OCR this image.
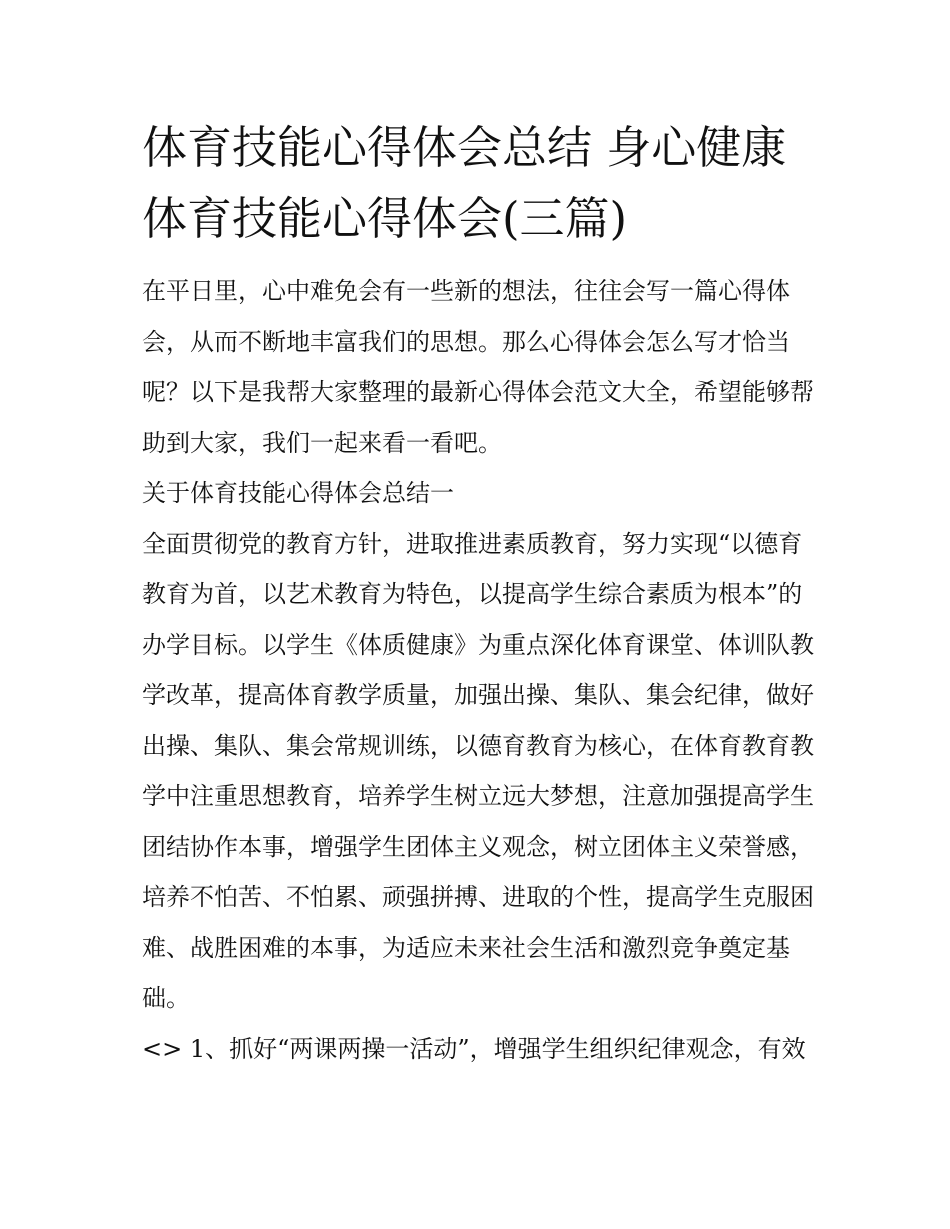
体育技能心得体会总结 身心健康体育技能心得体会(三篇)

在平日里，心中难免会有一些新的想法，往往会写一篇心得体会，从而不断地丰富我们的思想。那么心得体会怎么写才恰当呢？以下是我帮大家整理的最新心得体会范文大全，希望能够帮助到大家，我们一起来看一看吧。

关于体育技能心得体会总结一

全面贯彻党的教育方针，进取推进素质教育，努力实现“以德育教育为首，以艺术教育为特色，以提高学生综合素质为根本”的办学目标。以学生《体质健康》为重点深化体育课堂、体训队教学改革，提高体育教学质量，加强出操、集队、集会纪律，做好出操、集队、集会常规训练，以德育教育为核心，在体育教育教学中注重思想教育，培养学生树立远大梦想，注意加强提高学生团结协作本事，增强学生团体主义观念，树立团体主义荣誉感，培养不怕苦、不怕累、顽强拼搏、进取的个性，提高学生克服困难、战胜困难的本事，为适应未来社会生活和激烈竞争奠定基础。

<> 1、抓好“两课两操一活动”，增强学生组织纪律观念，有效
